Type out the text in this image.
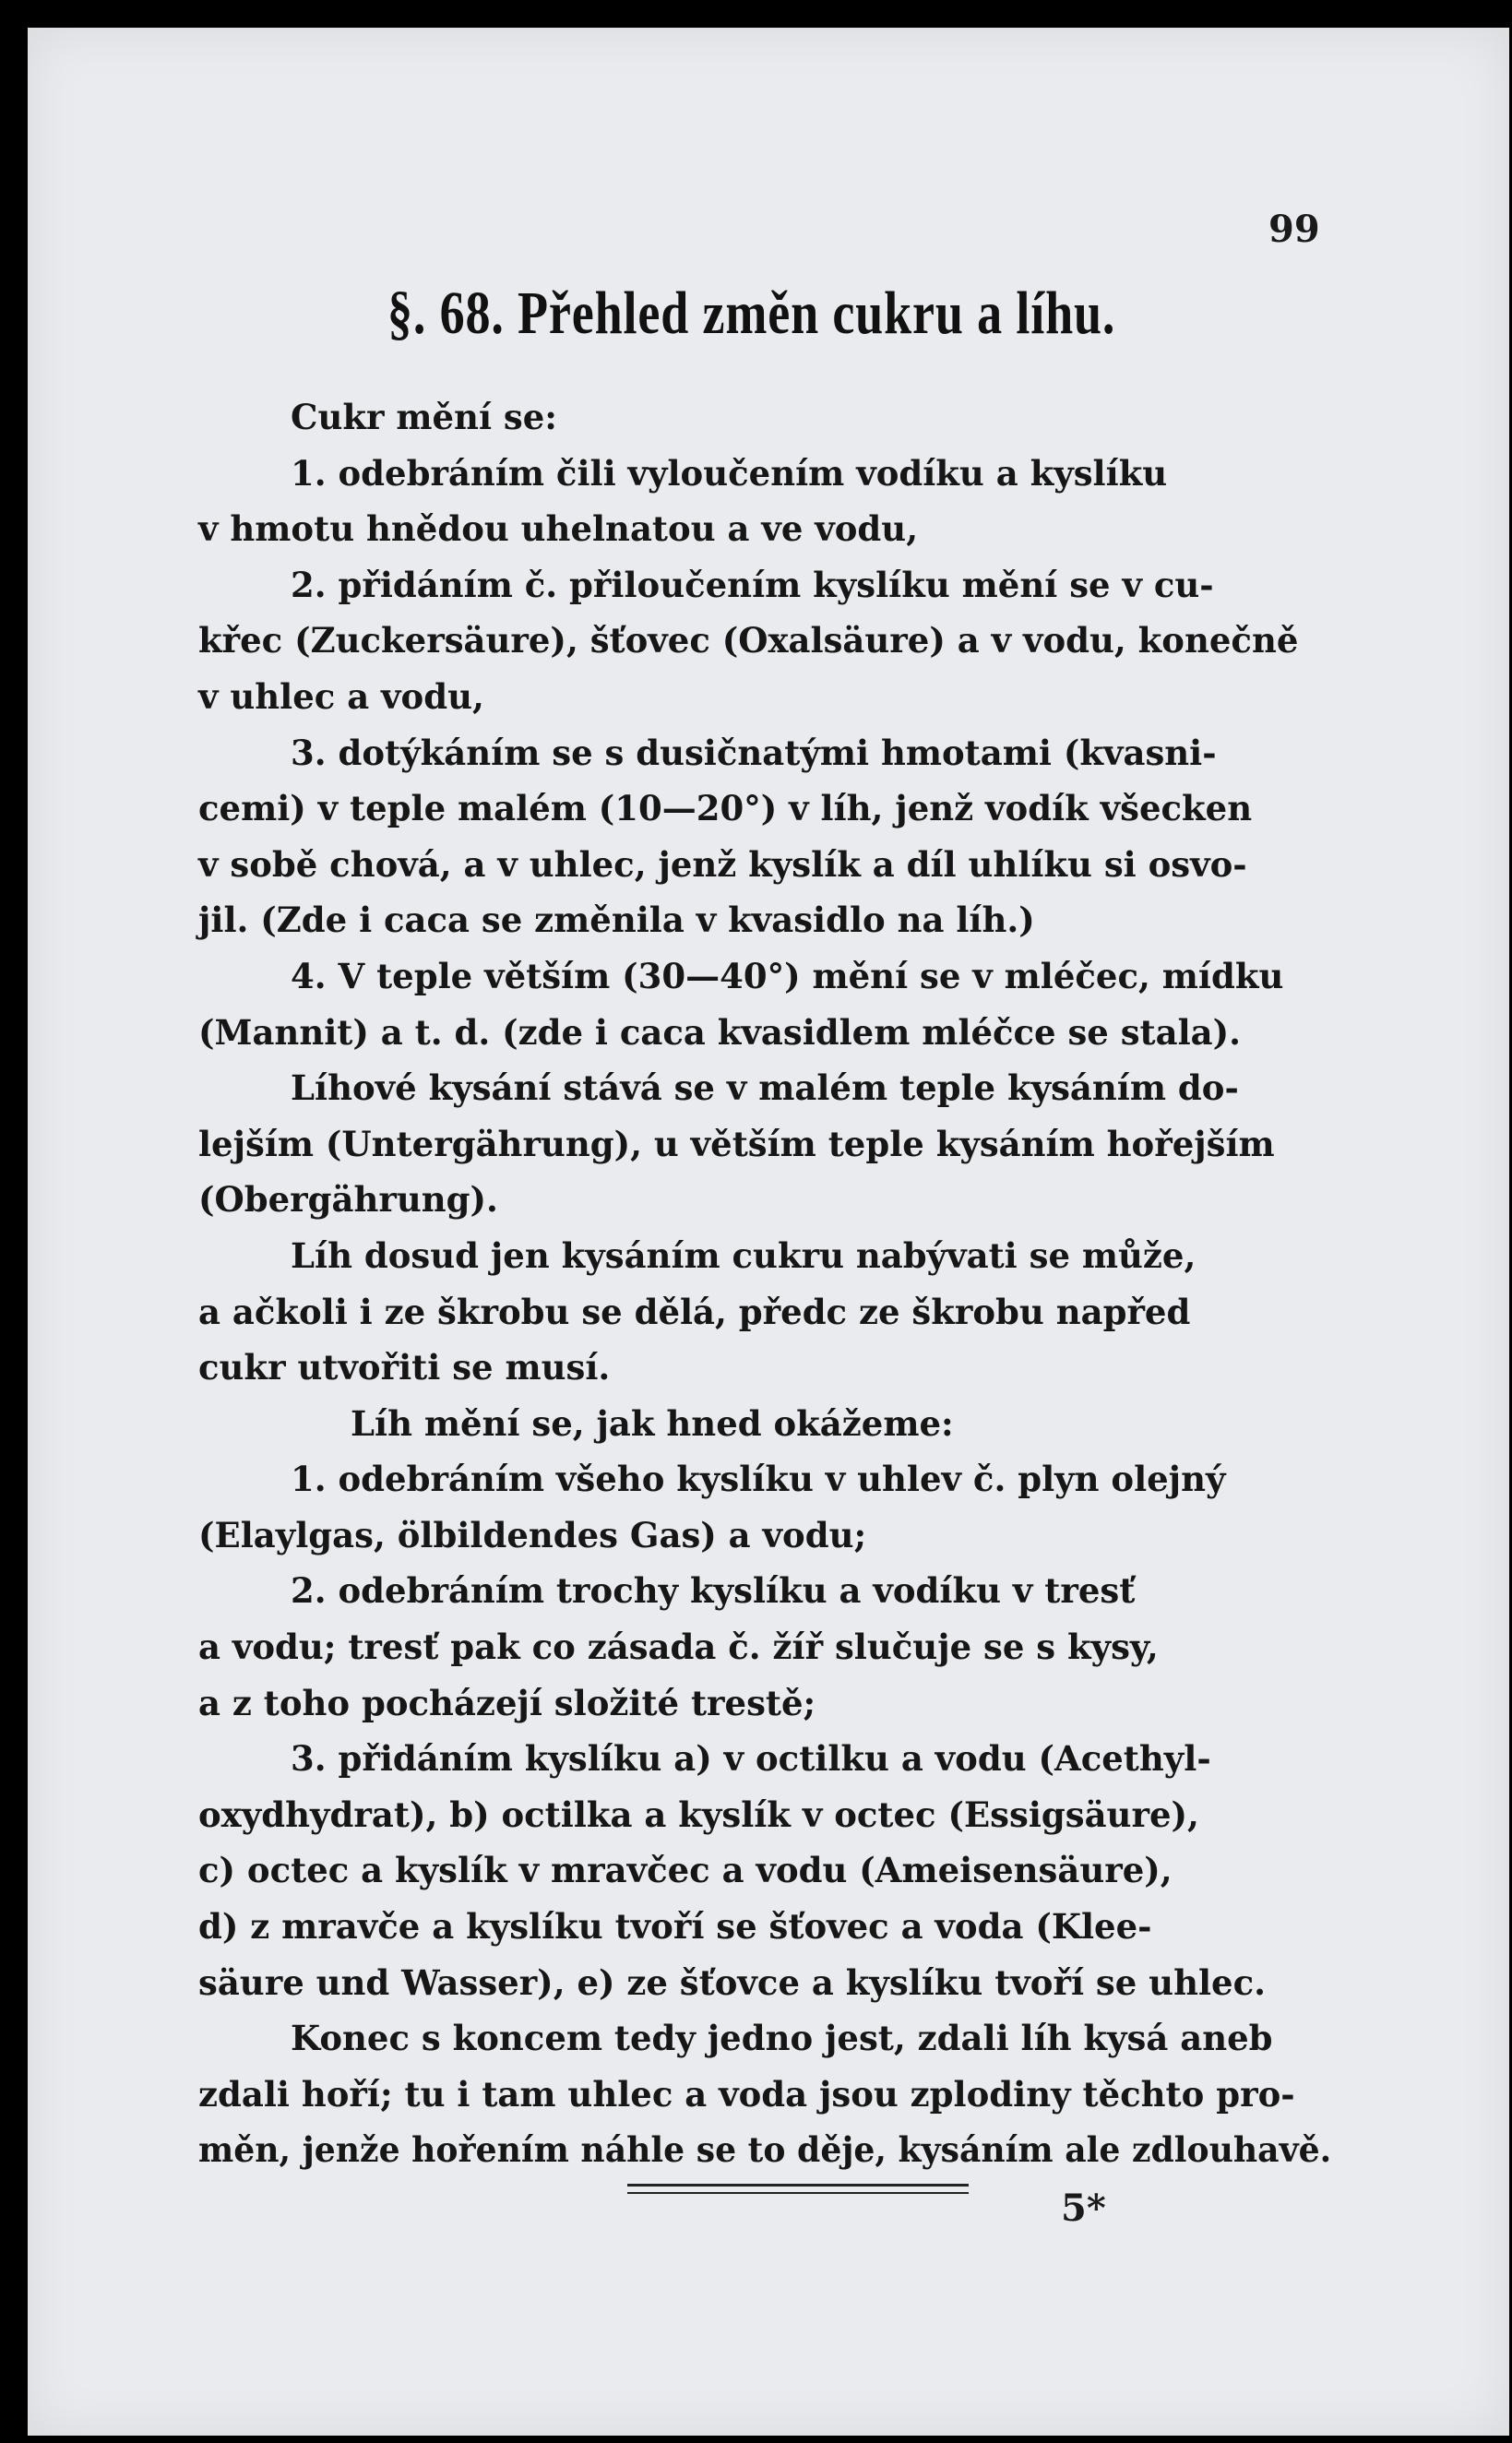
99
§. 68. Přehled změn cukru a líhu.
Cukr mění se:
1. odebráním čili vyloučením vodíku a kyslíku
v hmotu hnědou uhelnatou a ve vodu,
2. přidáním č. přiloučením kyslíku mění se v cu-
křec (Zuckersäure), šťovec (Oxalsäure) a v vodu, konečně
v uhlec a vodu,
3. dotýkáním se s dusičnatými hmotami (kvasni-
cemi) v teple malém (10—20°) v líh, jenž vodík všecken
v sobě chová, a v uhlec, jenž kyslík a díl uhlíku si osvo-
jil. (Zde i caca se změnila v kvasidlo na líh.)
4. V teple větším (30—40°) mění se v mléčec, mídku
(Mannit) a t. d. (zde i caca kvasidlem mléčce se stala).
Líhové kysání stává se v malém teple kysáním do-
lejším (Untergährung), u větším teple kysáním hořejším
(Obergährung).
Líh dosud jen kysáním cukru nabývati se může,
a ačkoli i ze škrobu se dělá, předc ze škrobu napřed
cukr utvořiti se musí.
Líh mění se, jak hned okážeme:
1. odebráním všeho kyslíku v uhlev č. plyn olejný
(Elaylgas, ölbildendes Gas) a vodu;
2. odebráním trochy kyslíku a vodíku v tresť
a vodu; tresť pak co zásada č. žíř slučuje se s kysy,
a z toho pocházejí složité trestě;
3. přidáním kyslíku a) v octilku a vodu (Acethyl-
oxydhydrat), b) octilka a kyslík v octec (Essigsäure),
c) octec a kyslík v mravčec a vodu (Ameisensäure),
d) z mravče a kyslíku tvoří se šťovec a voda (Klee-
säure und Wasser), e) ze šťovce a kyslíku tvoří se uhlec.
Konec s koncem tedy jedno jest, zdali líh kysá aneb
zdali hoří; tu i tam uhlec a voda jsou zplodiny těchto pro-
měn, jenže hořením náhle se to děje, kysáním ale zdlouhavě.
5*
